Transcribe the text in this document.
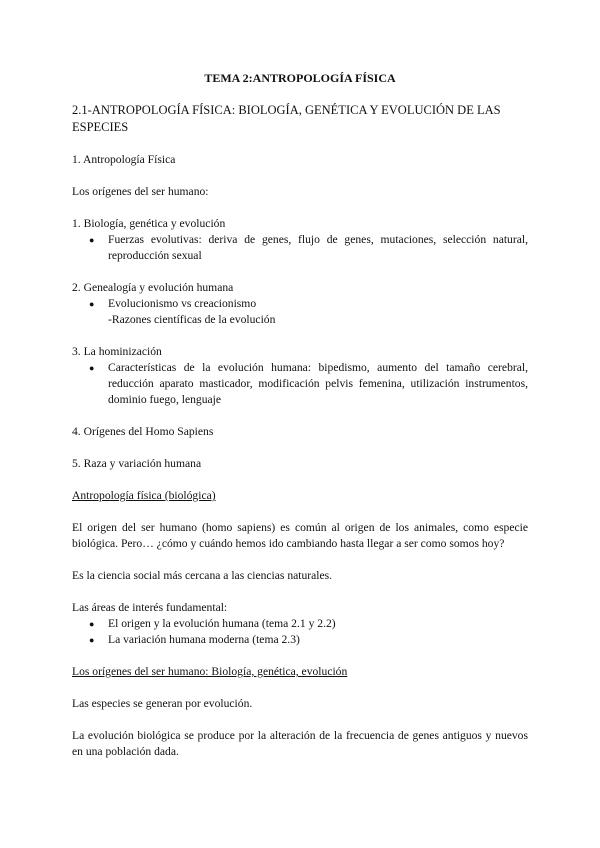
TEMA 2:ANTROPOLOGÍA FÍSICA
2.1-ANTROPOLOGÍA FÍSICA: BIOLOGÍA, GENÉTICA Y EVOLUCIÓN DE LAS ESPECIES

1. Antropología Física

Los orígenes del ser humano:

1. Biología, genética y evolución
● Fuerzas evolutivas: deriva de genes, flujo de genes, mutaciones, selección natural, reproducción sexual
2. Genealogía y evolución humana
● Evolucionismo vs creacionismo
-Razones científicas de la evolución
3. La hominización
● Características de la evolución humana: bipedismo, aumento del tamaño cerebral, reducción aparato masticador, modificación pelvis femenina, utilización instrumentos, dominio fuego, lenguaje

4. Orígenes del Homo Sapiens

5. Raza y variación humana

Antropología física (biológica)

El origen del ser humano (homo sapiens) es común al origen de los animales, como especie biológica. Pero… ¿cómo y cuándo hemos ido cambiando hasta llegar a ser como somos hoy?

Es la ciencia social más cercana a las ciencias naturales.

Las áreas de interés fundamental:
● El origen y la evolución humana (tema 2.1 y 2.2)
● La variación humana moderna (tema 2.3)

Los orígenes del ser humano: Biología, genética, evolución

Las especies se generan por evolución.

La evolución biológica se produce por la alteración de la frecuencia de genes antiguos y nuevos en una población dada.
